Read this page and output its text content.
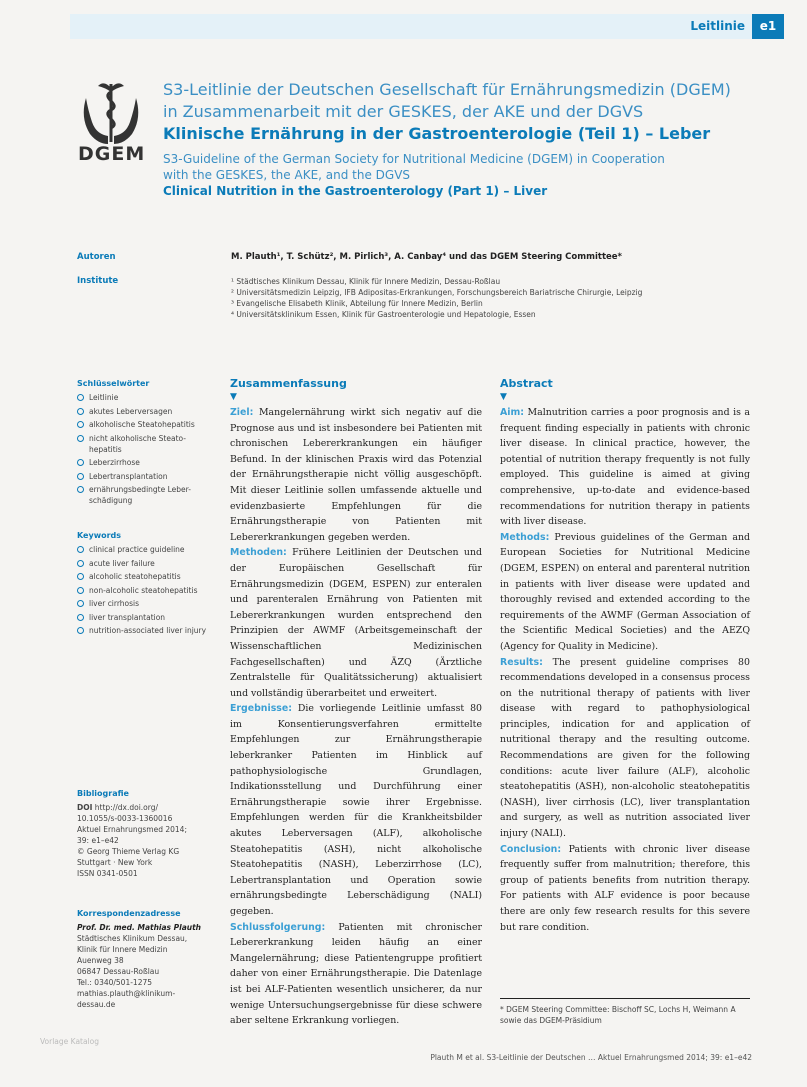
Leitlinie	e1
DGEM
S3-Leitlinie der Deutschen Gesellschaft für Ernährungsmedizin (DGEM)
in Zusammenarbeit mit der GESKES, der AKE und der DGVS
Klinische Ernährung in der Gastroenterologie (Teil 1) – Leber
S3-Guideline of the German Society for Nutritional Medicine (DGEM) in Cooperation
with the GESKES, the AKE, and the DGVS
Clinical Nutrition in the Gastroenterology (Part 1) – Liver
Autoren	M. Plauth¹, T. Schütz², M. Pirlich³, A. Canbay⁴ und das DGEM Steering Committee*
Institute	¹ Städtisches Klinikum Dessau, Klinik für Innere Medizin, Dessau-Roßlau
² Universitätsmedizin Leipzig, IFB Adipositas-Erkrankungen, Forschungsbereich Bariatrische Chirurgie, Leipzig
³ Evangelische Elisabeth Klinik, Abteilung für Innere Medizin, Berlin
⁴ Universitätsklinikum Essen, Klinik für Gastroenterologie und Hepatologie, Essen
Schlüsselwörter
Leitlinie
akutes Leberversagen
alkoholische Steatohepatitis
nicht alkoholische Steato-hepatitis
Leberzirrhose
Lebertransplantation
ernährungsbedingte Leber-schädigung
Keywords
clinical practice guideline
acute liver failure
alcoholic steatohepatitis
non-alcoholic steatohepatitis
liver cirrhosis
liver transplantation
nutrition-associated liver injury
Bibliografie
DOI http://dx.doi.org/
10.1055/s-0033-1360016
Aktuel Ernahrungsmed 2014;
39: e1–e42
© Georg Thieme Verlag KG
Stuttgart · New York
ISSN 0341-0501
Korrespondenzadresse
Prof. Dr. med. Mathias Plauth
Städtisches Klinikum Dessau,
Klinik für Innere Medizin
Auenweg 38
06847 Dessau-Roßlau
Tel.: 0340/501-1275
mathias.plauth@klinikum-
dessau.de
Zusammenfassung
▼

Ziel: Mangelernährung wirkt sich negativ auf die Prognose aus und ist insbesondere bei Patienten mit chronischen Lebererkrankungen ein häufiger Befund. In der klinischen Praxis wird das Potenzial der Ernährungstherapie nicht völlig ausgeschöpft. Mit dieser Leitlinie sollen umfassende aktuelle und evidenzbasierte Empfehlungen für die Ernährungstherapie von Patienten mit Lebererkrankungen gegeben werden.

Methoden: Frühere Leitlinien der Deutschen und der Europäischen Gesellschaft für Ernährungsmedizin (DGEM, ESPEN) zur enteralen und parenteralen Ernährung von Patienten mit Lebererkrankungen wurden entsprechend den Prinzipien der AWMF (Arbeitsgemeinschaft der Wissenschaftlichen Medizinischen Fachgesellschaften) und ÄZQ (Ärztliche Zentralstelle für Qualitätssicherung) aktualisiert und vollständig überarbeitet und erweitert.

Ergebnisse: Die vorliegende Leitlinie umfasst 80 im Konsentierungsverfahren ermittelte Empfehlungen zur Ernährungstherapie leberkranker Patienten im Hinblick auf pathophysiologische Grundlagen, Indikationsstellung und Durchführung einer Ernährungstherapie sowie ihrer Ergebnisse. Empfehlungen werden für die Krankheitsbilder akutes Leberversagen (ALF), alkoholische Steatohepatitis (ASH), nicht alkoholische Steatohepatitis (NASH), Leberzirrhose (LC), Lebertransplantation und Operation sowie ernährungsbedingte Leberschädigung (NALI) gegeben.

Schlussfolgerung: Patienten mit chronischer Lebererkrankung leiden häufig an einer Mangelernährung; diese Patientengruppe profitiert daher von einer Ernährungstherapie. Die Datenlage ist bei ALF-Patienten wesentlich unsicherer, da nur wenige Untersuchungsergebnisse für diese schwere aber seltene Erkrankung vorliegen.

Abstract
▼

Aim: Malnutrition carries a poor prognosis and is a frequent finding especially in patients with chronic liver disease. In clinical practice, however, the potential of nutrition therapy frequently is not fully employed. This guideline is aimed at giving comprehensive, up-to-date and evidence-based recommendations for nutrition therapy in patients with liver disease.

Methods: Previous guidelines of the German and European Societies for Nutritional Medicine (DGEM, ESPEN) on enteral and parenteral nutrition in patients with liver disease were updated and thoroughly revised and extended according to the requirements of the AWMF (German Association of the Scientific Medical Societies) and the AEZQ (Agency for Quality in Medicine).

Results: The present guideline comprises 80 recommendations developed in a consensus process on the nutritional therapy of patients with liver disease with regard to pathophysiological principles, indication for and application of nutritional therapy and the resulting outcome. Recommendations are given for the following conditions: acute liver failure (ALF), alcoholic steatohepatitis (ASH), non-alcoholic steatohepatitis (NASH), liver cirrhosis (LC), liver transplantation and surgery, as well as nutrition associated liver injury (NALI).

Conclusion: Patients with chronic liver disease frequently suffer from malnutrition; therefore, this group of patients benefits from nutrition therapy. For patients with ALF evidence is poor because there are only few research results for this severe but rare condition.

* DGEM Steering Committee: Bischoff SC, Lochs H, Weimann A sowie das DGEM-Präsidium
Vorlage Katalog
Plauth M et al. S3-Leitlinie der Deutschen … Aktuel Ernahrungsmed 2014; 39: e1–e42
